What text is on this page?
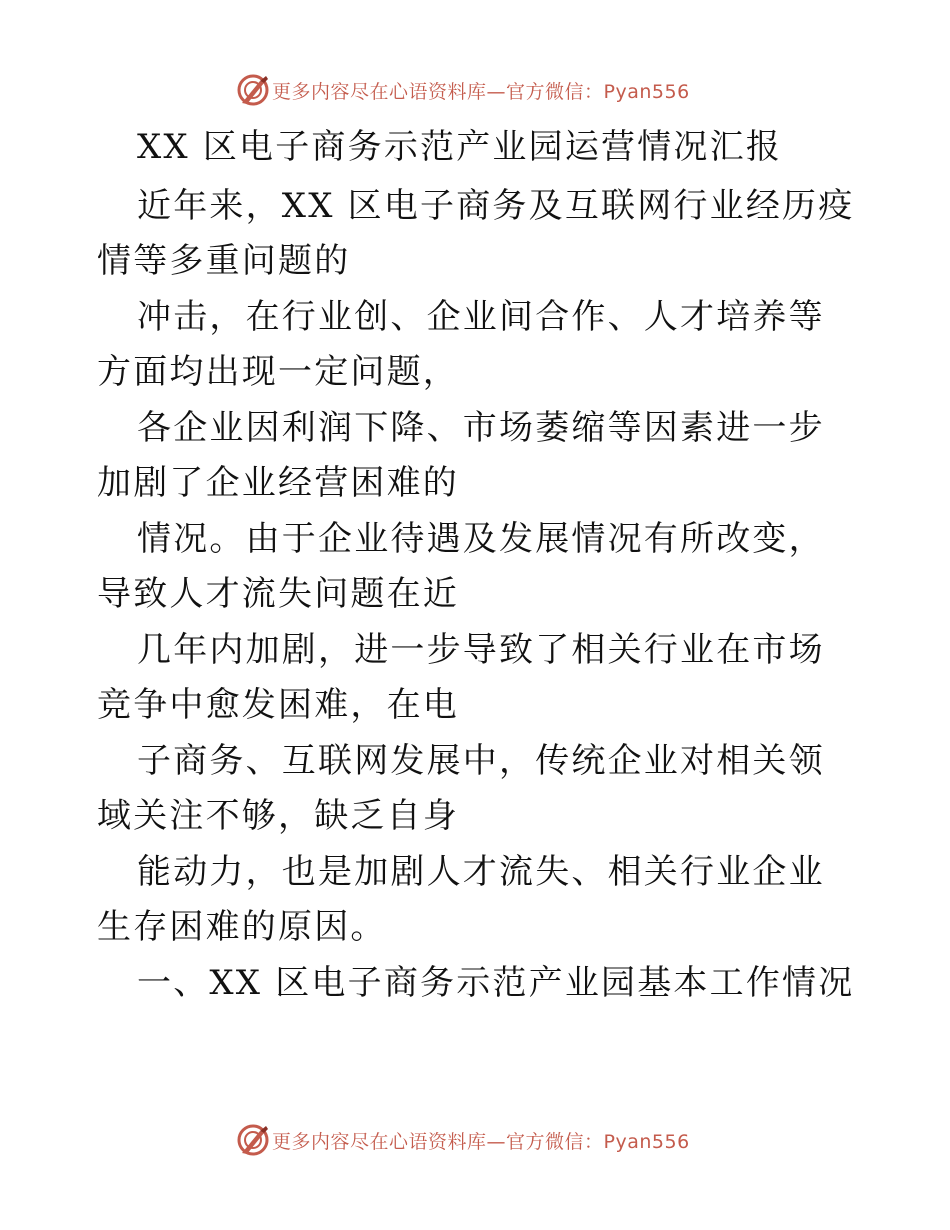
更多内容尽在心语资料库—官方微信：Pyan556

XX 区电子商务示范产业园运营情况汇报

近年来，XX 区电子商务及互联网行业经历疫情等多重问题的

冲击，在行业创、企业间合作、人才培养等方面均出现一定问题，

各企业因利润下降、市场萎缩等因素进一步加剧了企业经营困难的

情况。由于企业待遇及发展情况有所改变，导致人才流失问题在近

几年内加剧，进一步导致了相关行业在市场竞争中愈发困难，在电

子商务、互联网发展中，传统企业对相关领域关注不够，缺乏自身

能动力，也是加剧人才流失、相关行业企业生存困难的原因。

一、XX 区电子商务示范产业园基本工作情况

更多内容尽在心语资料库—官方微信：Pyan556
